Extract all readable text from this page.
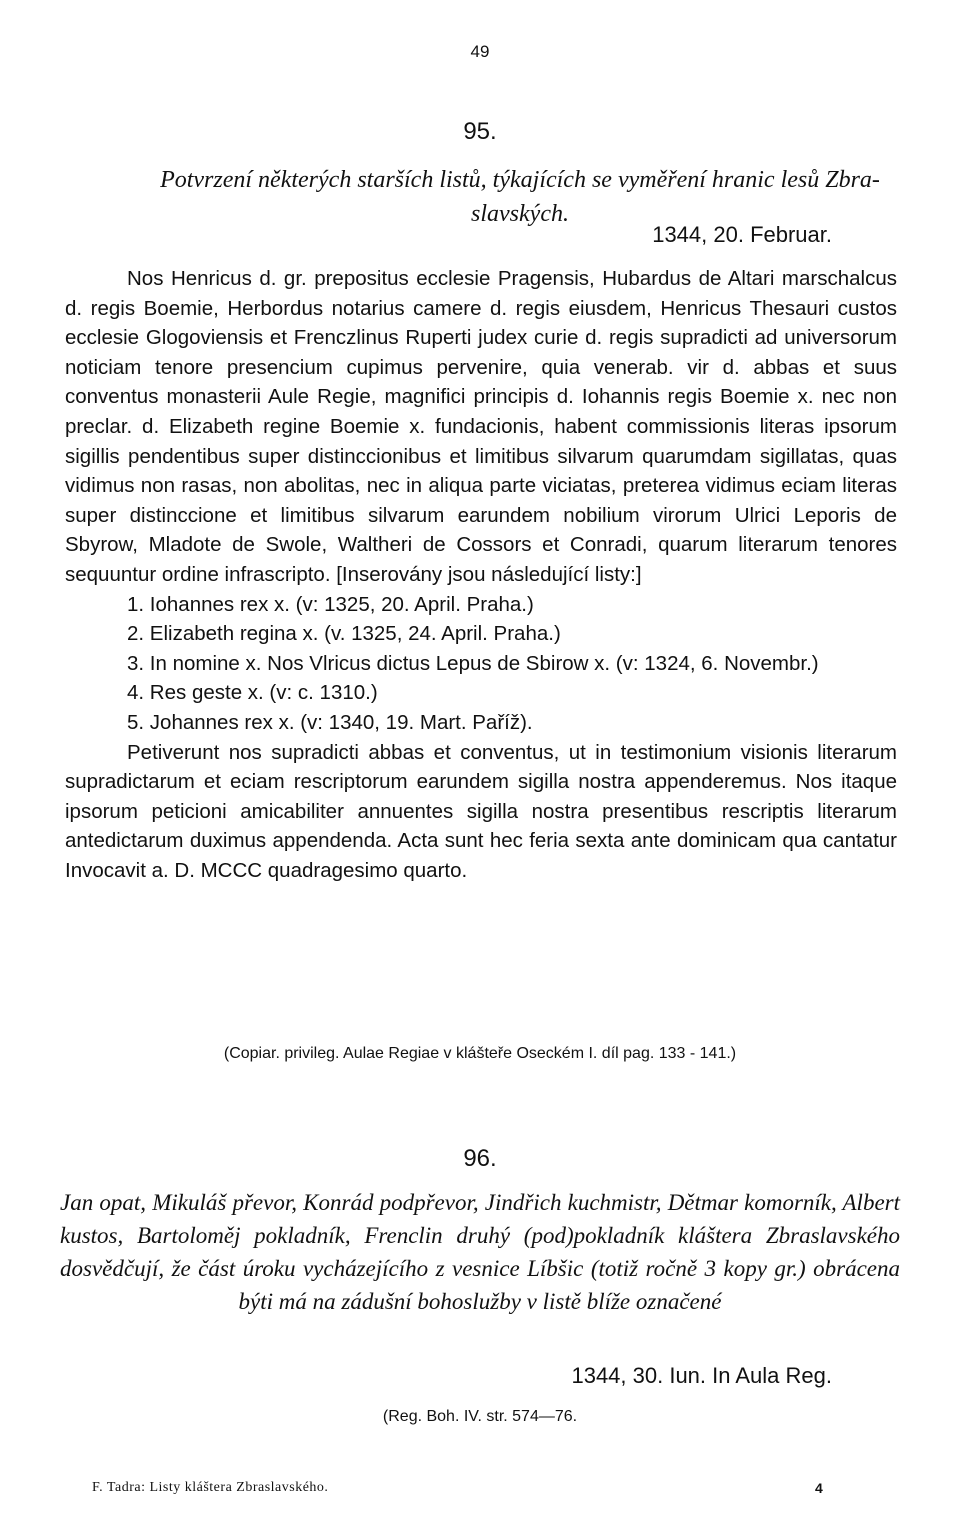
49
95.
Potvrzení některých starších listů, týkajících se vyměření hranic lesů Zbra-
slavských.
1344, 20. Februar.

Nos Henricus d. gr. prepositus ecclesie Pragensis, Hubardus de Altari marschalcus d. regis Boemie, Herbordus notarius camere d. regis eiusdem, Henricus Thesauri custos ecclesie Glogoviensis et Frenczlinus Ruperti judex curie d. regis supradicti ad universorum noticiam tenore presencium cupimus pervenire, quia venerab. vir d. abbas et suus conventus monasterii Aule Regie, magnifici principis d. Iohannis regis Boemie x. nec non preclar. d. Elizabeth regine Boemie x. fundacionis, habent commissionis literas ipsorum sigillis pendentibus super distinccionibus et limitibus silvarum quarumdam sigillatas, quas vidimus non rasas, non abolitas, nec in aliqua parte viciatas, preterea vidimus eciam literas super distinccione et limitibus silvarum earundem nobilium virorum Ulrici Leporis de Sbyrow, Mladote de Swole, Waltheri de Cossors et Conradi, quarum literarum tenores sequuntur ordine infrascripto. [Inserovány jsou následující listy:]

1. Iohannes rex x. (v: 1325, 20. April. Praha.)

2. Elizabeth regina x. (v. 1325, 24. April. Praha.)

3. In nomine x. Nos Vlricus dictus Lepus de Sbirow x. (v: 1324, 6. Novembr.)

4. Res geste x. (v: c. 1310.)

5. Johannes rex x. (v: 1340, 19. Mart. Paříž).

Petiverunt nos supradicti abbas et conventus, ut in testimonium visionis literarum supradictarum et eciam rescriptorum earundem sigilla nostra appenderemus. Nos itaque ipsorum peticioni amicabiliter annuentes sigilla nostra presentibus rescriptis literarum antedictarum duximus appendenda. Acta sunt hec feria sexta ante dominicam qua cantatur Invocavit a. D. MCCC quadragesimo quarto.

(Copiar. privileg. Aulae Regiae v klášteře Oseckém I. díl pag. 133 - 141.)
96.
Jan opat, Mikuláš převor, Konrád podpřevor, Jindřich kuchmistr, Dětmar komorník, Albert kustos, Bartoloměj pokladník, Frenclin druhý (pod)pokladník kláštera Zbraslavského dosvědčují, že část úroku vycházejícího z vesnice Líbšic (totiž ročně 3 kopy gr.) obrácena býti má na zádušní bohoslužby v listě blíže označené
1344, 30. Iun. In Aula Reg.
(Reg. Boh. IV. str. 574—76.
F. Tadra: Listy kláštera Zbraslavského.	4
